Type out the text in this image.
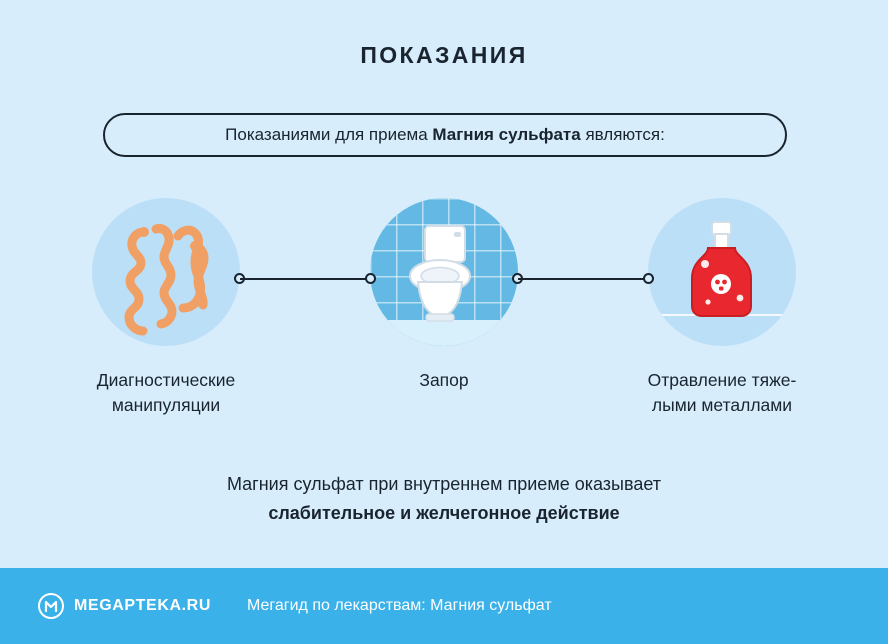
ПОКАЗАНИЯ
Показаниями для приема Магния сульфата являются:
Диагностические
манипуляции
Запор	Отравление тяже-
лыми металлами
Магния сульфат при внутреннем приеме оказывает
слабительное и желчегонное действие
MEGAPTEKA.RU Мегагид по лекарствам: Магния сульфат
